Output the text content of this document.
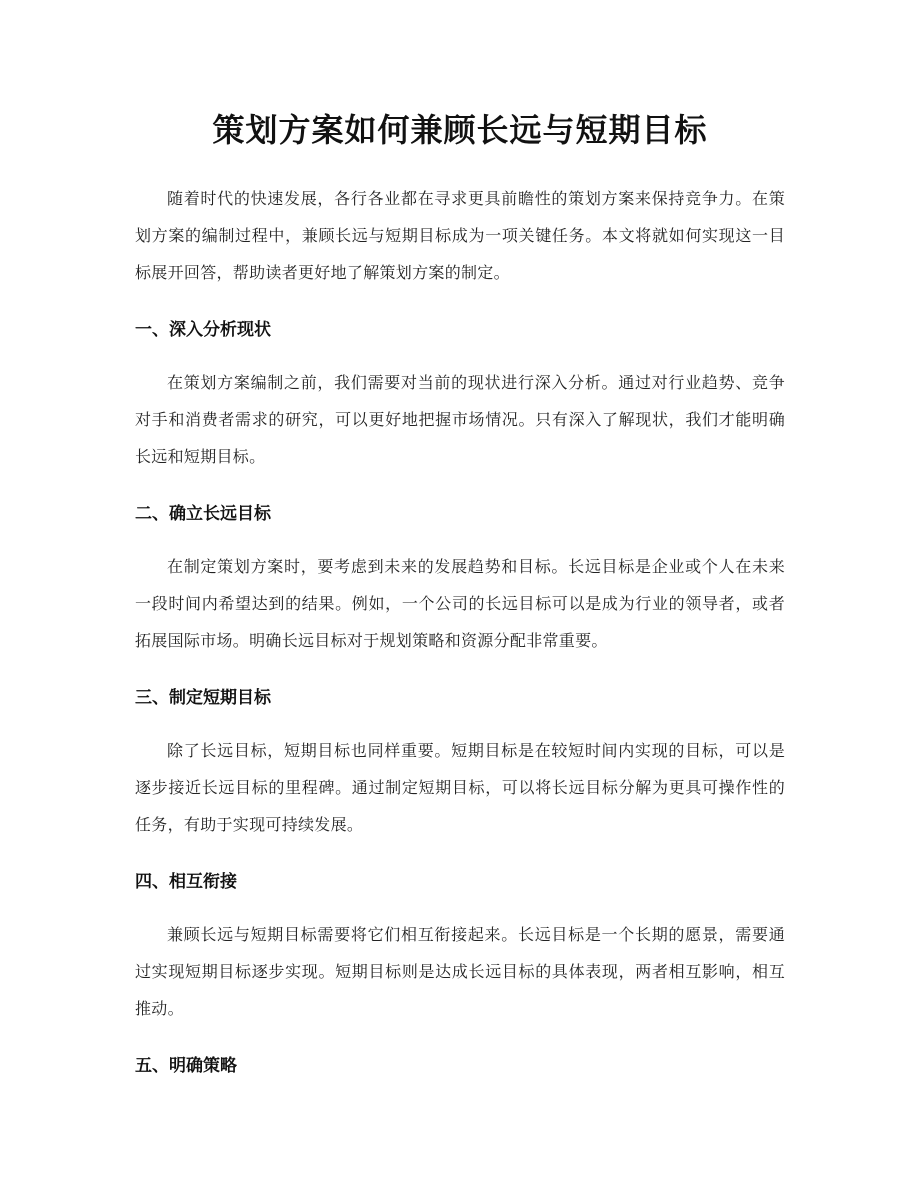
策划方案如何兼顾长远与短期目标

随着时代的快速发展，各行各业都在寻求更具前瞻性的策划方案来保持竞争力。在策划方案的编制过程中，兼顾长远与短期目标成为一项关键任务。本文将就如何实现这一目标展开回答，帮助读者更好地了解策划方案的制定。

一、深入分析现状

在策划方案编制之前，我们需要对当前的现状进行深入分析。通过对行业趋势、竞争对手和消费者需求的研究，可以更好地把握市场情况。只有深入了解现状，我们才能明确长远和短期目标。

二、确立长远目标

在制定策划方案时，要考虑到未来的发展趋势和目标。长远目标是企业或个人在未来一段时间内希望达到的结果。例如，一个公司的长远目标可以是成为行业的领导者，或者拓展国际市场。明确长远目标对于规划策略和资源分配非常重要。

三、制定短期目标

除了长远目标，短期目标也同样重要。短期目标是在较短时间内实现的目标，可以是逐步接近长远目标的里程碑。通过制定短期目标，可以将长远目标分解为更具可操作性的任务，有助于实现可持续发展。

四、相互衔接

兼顾长远与短期目标需要将它们相互衔接起来。长远目标是一个长期的愿景，需要通过实现短期目标逐步实现。短期目标则是达成长远目标的具体表现，两者相互影响，相互推动。

五、明确策略
